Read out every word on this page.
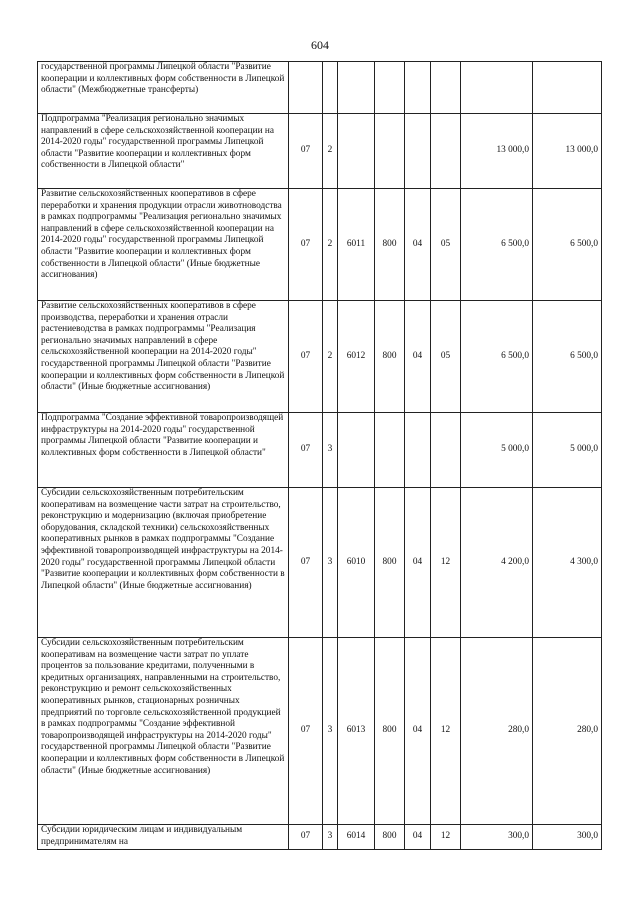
604
государственной программы Липецкой области "Развитие кооперации и коллективных форм собственности в Липецкой области" (Межбюджетные трансферты)								
Подпрограмма "Реализация регионально значимых направлений в сфере сельскохозяйственной кооперации на 2014-2020 годы" государственной программы Липецкой области "Развитие кооперации и коллективных форм собственности в Липецкой области"	07	2					13 000,0	13 000,0
Развитие сельскохозяйственных кооперативов в сфере переработки и хранения продукции отрасли животноводства в рамках подпрограммы "Реализация регионально значимых направлений в сфере сельскохозяйственной кооперации на 2014-2020 годы" государственной программы Липецкой области "Развитие кооперации и коллективных форм собственности в Липецкой области" (Иные бюджетные ассигнования)	07	2	6011	800	04	05	6 500,0	6 500,0
Развитие сельскохозяйственных кооперативов в сфере производства, переработки и хранения отрасли растениеводства в рамках подпрограммы "Реализация регионально значимых направлений в сфере сельскохозяйственной кооперации на 2014-2020 годы" государственной программы Липецкой области "Развитие кооперации и коллективных форм собственности в Липецкой области" (Иные бюджетные ассигнования)	07	2	6012	800	04	05	6 500,0	6 500,0
Подпрограмма "Создание эффективной товаропроизводящей инфраструктуры на 2014-2020 годы" государственной программы Липецкой области "Развитие кооперации и коллективных форм собственности в Липецкой области"	07	3					5 000,0	5 000,0
Субсидии сельскохозяйственным потребительским кооперативам на возмещение части затрат на строительство, реконструкцию и модернизацию (включая приобретение оборудования, складской техники) сельскохозяйственных кооперативных рынков в рамках подпрограммы "Создание эффективной товаропроизводящей инфраструктуры на 2014-2020 годы" государственной программы Липецкой области "Развитие кооперации и коллективных форм собственности в Липецкой области" (Иные бюджетные ассигнования)	07	3	6010	800	04	12	4 200,0	4 300,0
Субсидии сельскохозяйственным потребительским кооперативам на возмещение части затрат по уплате процентов за пользование кредитами, полученными в кредитных организациях, направленными на строительство, реконструкцию и ремонт сельскохозяйственных кооперативных рынков, стационарных розничных предприятий по торговле сельскохозяйственной продукцией в рамках подпрограммы "Создание эффективной товаропроизводящей инфраструктуры на 2014-2020 годы" государственной программы Липецкой области "Развитие кооперации и коллективных форм собственности в Липецкой области" (Иные бюджетные ассигнования)	07	3	6013	800	04	12	280,0	280,0
Субсидии юридическим лицам и индивидуальным предпринимателям на	07	3	6014	800	04	12	300,0	300,0
